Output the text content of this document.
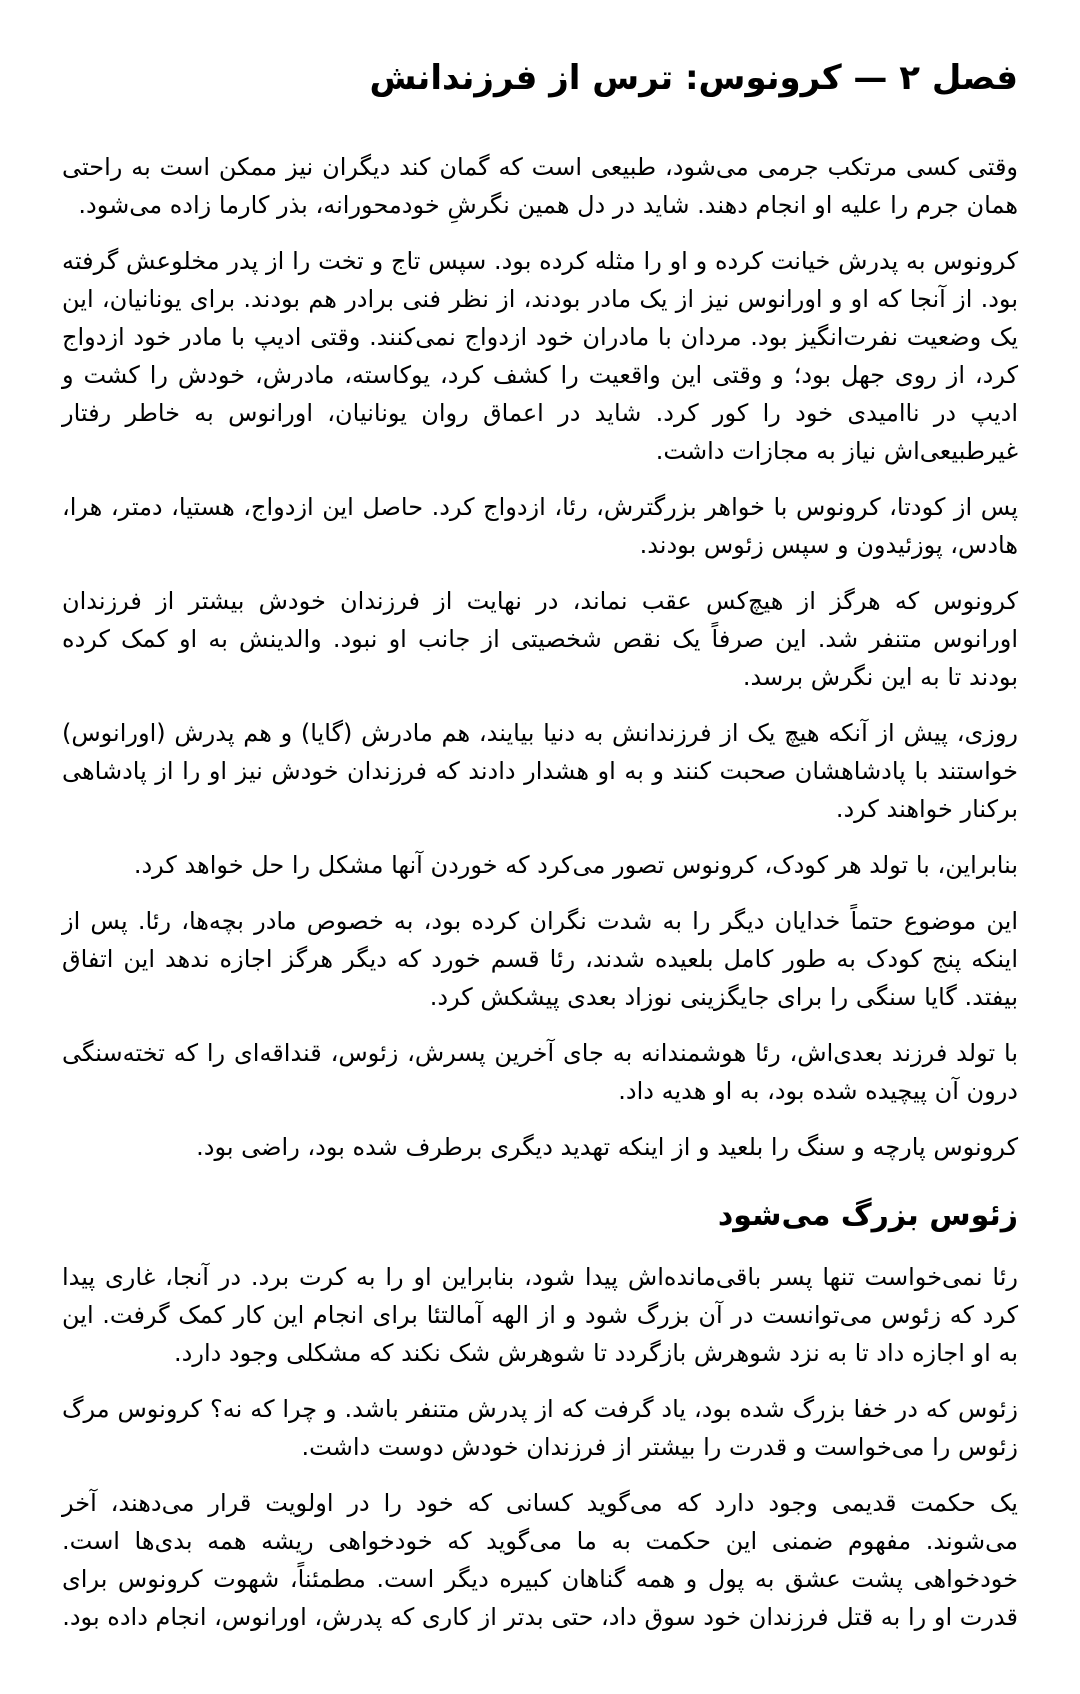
فصل ۲ — کرونوس: ترس از فرزندانش

وقتی کسی مرتکب جرمی می‌شود، طبیعی است که گمان کند دیگران نیز ممکن است به راحتی همان جرم را علیه او انجام دهند. شاید در دل همین نگرشِ خودمحورانه، بذر کارما زاده می‌شود.

کرونوس به پدرش خیانت کرده و او را مثله کرده بود. سپس تاج و تخت را از پدر مخلوعش گرفته بود. از آنجا که او و اورانوس نیز از یک مادر بودند، از نظر فنی برادر هم بودند. برای یونانیان، این یک وضعیت نفرت‌انگیز بود. مردان با مادران خود ازدواج نمی‌کنند. وقتی ادیپ با مادر خود ازدواج کرد، از روی جهل بود؛ و وقتی این واقعیت را کشف کرد، یوکاسته، مادرش، خودش را کشت و ادیپ در ناامیدی خود را کور کرد. شاید در اعماق روان یونانیان، اورانوس به خاطر رفتار غیرطبیعی‌اش نیاز به مجازات داشت.

پس از کودتا، کرونوس با خواهر بزرگترش، رئا، ازدواج کرد. حاصل این ازدواج، هستیا، دمتر، هرا، هادس، پوزئیدون و سپس زئوس بودند.

کرونوس که هرگز از هیچ‌کس عقب نماند، در نهایت از فرزندان خودش بیشتر از فرزندان اورانوس متنفر شد. این صرفاً یک نقص شخصیتی از جانب او نبود. والدینش به او کمک کرده بودند تا به این نگرش برسد.

روزی، پیش از آنکه هیچ یک از فرزندانش به دنیا بیایند، هم مادرش (گایا) و هم پدرش (اورانوس) خواستند با پادشاهشان صحبت کنند و به او هشدار دادند که فرزندان خودش نیز او را از پادشاهی برکنار خواهند کرد.

بنابراین، با تولد هر کودک، کرونوس تصور می‌کرد که خوردن آنها مشکل را حل خواهد کرد.

این موضوع حتماً خدایان دیگر را به شدت نگران کرده بود، به خصوص مادر بچه‌ها، رئا. پس از اینکه پنج کودک به طور کامل بلعیده شدند، رئا قسم خورد که دیگر هرگز اجازه ندهد این اتفاق بیفتد. گایا سنگی را برای جایگزینی نوزاد بعدی پیشکش کرد.

با تولد فرزند بعدی‌اش، رئا هوشمندانه به جای آخرین پسرش، زئوس، قنداقه‌ای را که تخته‌سنگی درون آن پیچیده شده بود، به او هدیه داد.

کرونوس پارچه و سنگ را بلعید و از اینکه تهدید دیگری برطرف شده بود، راضی بود.

زئوس بزرگ می‌شود

رئا نمی‌خواست تنها پسر باقی‌مانده‌اش پیدا شود، بنابراین او را به کرت برد. در آنجا، غاری پیدا کرد که زئوس می‌توانست در آن بزرگ شود و از الهه آمالتئا برای انجام این کار کمک گرفت. این به او اجازه داد تا به نزد شوهرش بازگردد تا شوهرش شک نکند که مشکلی وجود دارد.

زئوس که در خفا بزرگ شده بود، یاد گرفت که از پدرش متنفر باشد. و چرا که نه؟ کرونوس مرگ زئوس را می‌خواست و قدرت را بیشتر از فرزندان خودش دوست داشت.

یک حکمت قدیمی وجود دارد که می‌گوید کسانی که خود را در اولویت قرار می‌دهند، آخر می‌شوند. مفهوم ضمنی این حکمت به ما می‌گوید که خودخواهی ریشه همه بدی‌ها است. خودخواهی پشت عشق به پول و همه گناهان کبیره دیگر است. مطمئناً، شهوت کرونوس برای قدرت او را به قتل فرزندان خود سوق داد، حتی بدتر از کاری که پدرش، اورانوس، انجام داده بود.
